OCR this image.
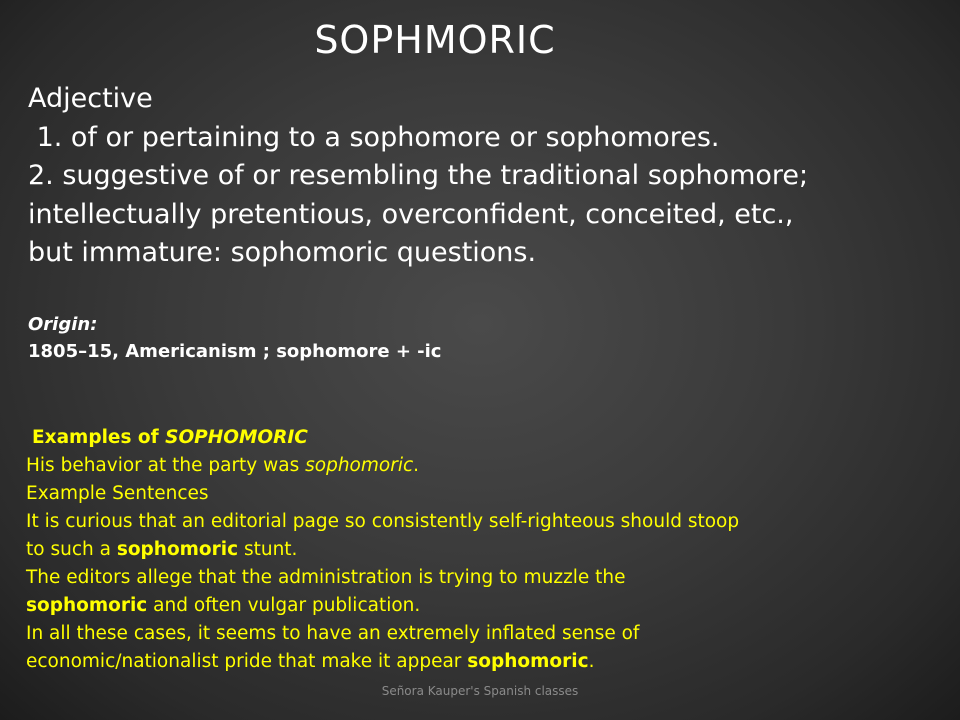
SOPHMORIC
Adjective
1. of or pertaining to a sophomore or sophomores.
2. suggestive of or resembling the traditional sophomore;
intellectually pretentious, overconfident, conceited, etc.,
but immature: sophomoric questions.
Origin:
1805–15, Americanism ; sophomore + -ic
Examples of SOPHOMORIC
His behavior at the party was sophomoric.
Example Sentences
It is curious that an editorial page so consistently self-righteous should stoop
to such a sophomoric stunt.
The editors allege that the administration is trying to muzzle the
sophomoric and often vulgar publication.
In all these cases, it seems to have an extremely inflated sense of
economic/nationalist pride that make it appear sophomoric.
Señora Kauper's Spanish classes
